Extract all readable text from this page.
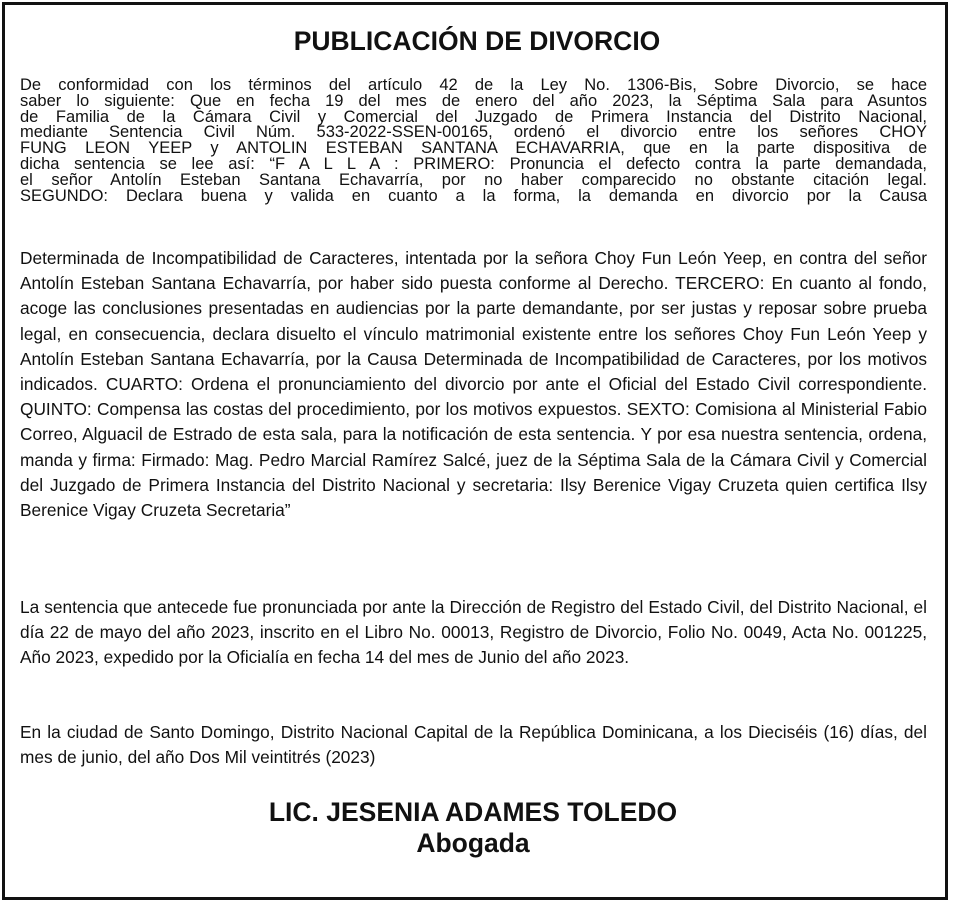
PUBLICACIÓN DE DIVORCIO
De conformidad con los términos del artículo 42 de la Ley No. 1306-Bis, Sobre Divorcio, se hace
saber lo siguiente: Que en fecha 19 del mes de enero del año 2023, la Séptima Sala para Asuntos
de Familia de la Cámara Civil y Comercial del Juzgado de Primera Instancia del Distrito Nacional,
mediante Sentencia Civil Núm. 533-2022-SSEN-00165, ordenó el divorcio entre los señores CHOY
FUNG LEON YEEP y ANTOLIN ESTEBAN SANTANA ECHAVARRIA, que en la parte dispositiva de
dicha sentencia se lee así: “F A L L A : PRIMERO: Pronuncia el defecto contra la parte demandada,
el señor Antolín Esteban Santana Echavarría, por no haber comparecido no obstante citación legal.
SEGUNDO: Declara buena y valida en cuanto a la forma, la demanda en divorcio por la Causa
Determinada de Incompatibilidad de Caracteres, intentada por la señora Choy Fun León Yeep, en contra del señor Antolín Esteban Santana Echavarría, por haber sido puesta conforme al Derecho. TERCERO: En cuanto al fondo, acoge las conclusiones presentadas en audiencias por la parte demandante, por ser justas y reposar sobre prueba legal, en consecuencia, declara disuelto el vínculo matrimonial existente entre los señores Choy Fun León Yeep y Antolín Esteban Santana Echavarría, por la Causa Determinada de Incompatibilidad de Caracteres, por los motivos indicados. CUARTO: Ordena el pronunciamiento del divorcio por ante el Oficial del Estado Civil correspondiente. QUINTO: Compensa las costas del procedimiento, por los motivos expuestos. SEXTO: Comisiona al Ministerial Fabio Correo, Alguacil de Estrado de esta sala, para la notificación de esta sentencia. Y por esa nuestra sentencia, ordena, manda y firma: Firmado: Mag. Pedro Marcial Ramírez Salcé, juez de la Séptima Sala de la Cámara Civil y Comercial del Juzgado de Primera Instancia del Distrito Nacional y secretaria: Ilsy Berenice Vigay Cruzeta quien certifica Ilsy Berenice Vigay Cruzeta Secretaria”
La sentencia que antecede fue pronunciada por ante la Dirección de Registro del Estado Civil, del Distrito Nacional, el día 22 de mayo del año 2023, inscrito en el Libro No. 00013, Registro de Divorcio, Folio No. 0049, Acta No. 001225, Año 2023, expedido por la Oficialía en fecha 14 del mes de Junio del año 2023.
En la ciudad de Santo Domingo, Distrito Nacional Capital de la República Dominicana, a los Dieciséis (16) días, del mes de junio, del año Dos Mil veintitrés (2023)
LIC. JESENIA ADAMES TOLEDO
Abogada
